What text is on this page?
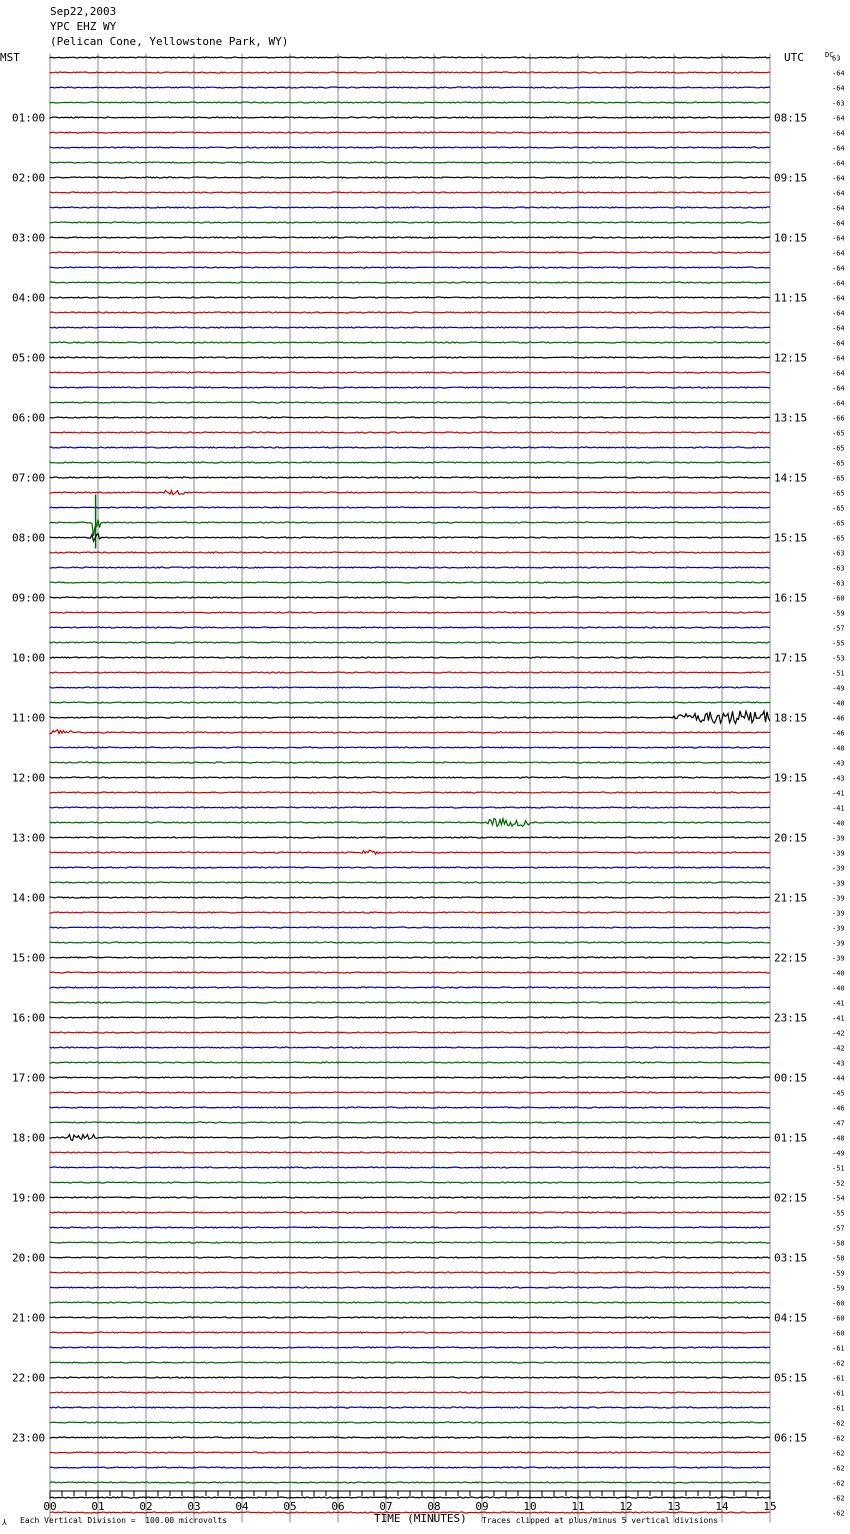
Sep22,2003
YPC EHZ WY
(Pelican Cone, Yellowstone Park, WY)
MST	UTC	DC
63
-64
-64
-63
-64
01:00	08:15
-64
-64
-64
-64
02:00	09:15
-64
-64
-64
-64
03:00	10:15
-64
-64
-64
-64
04:00	11:15
-64
-64
-64
-64
05:00	12:15
-64
-64
-64
-66
06:00	13:15
-65
-65
-65
-65
07:00	14:15
-65
-65
-65
-65
08:00	15:15
-63
-63
-63
-60
09:00	16:15
-59
-57
-55
-53
10:00	17:15
-51
-49
-48
-46
11:00	18:15
-46
-48
-43
-43
12:00	19:15
-41
-41
-40
-39
13:00	20:15
-39
-39
-39
-39
14:00	21:15
-39
-39
-39
-39
15:00	22:15
-40
-40
-41
-41
16:00	23:15
-42
-42
-43
-44
17:00	00:15
-45
-46
-47
-48
18:00	01:15
-49
-51
-52
-54
19:00	02:15
-55
-57
-58
-58
20:00	03:15
-59
-59
-60
-60
21:00	04:15
-60
-61
-62
-61
22:00	05:15
-61
-61
-62
-62
23:00	06:15
-62
-62
-62
-62
-62
00	01	02	03	04	05	06	07	08	09	10	11	12	13	14	15
⅄ Each Vertical Division =  100.00 microvolts	TIME (MINUTES) Traces clipped at plus/minus 5 vertical divisions
